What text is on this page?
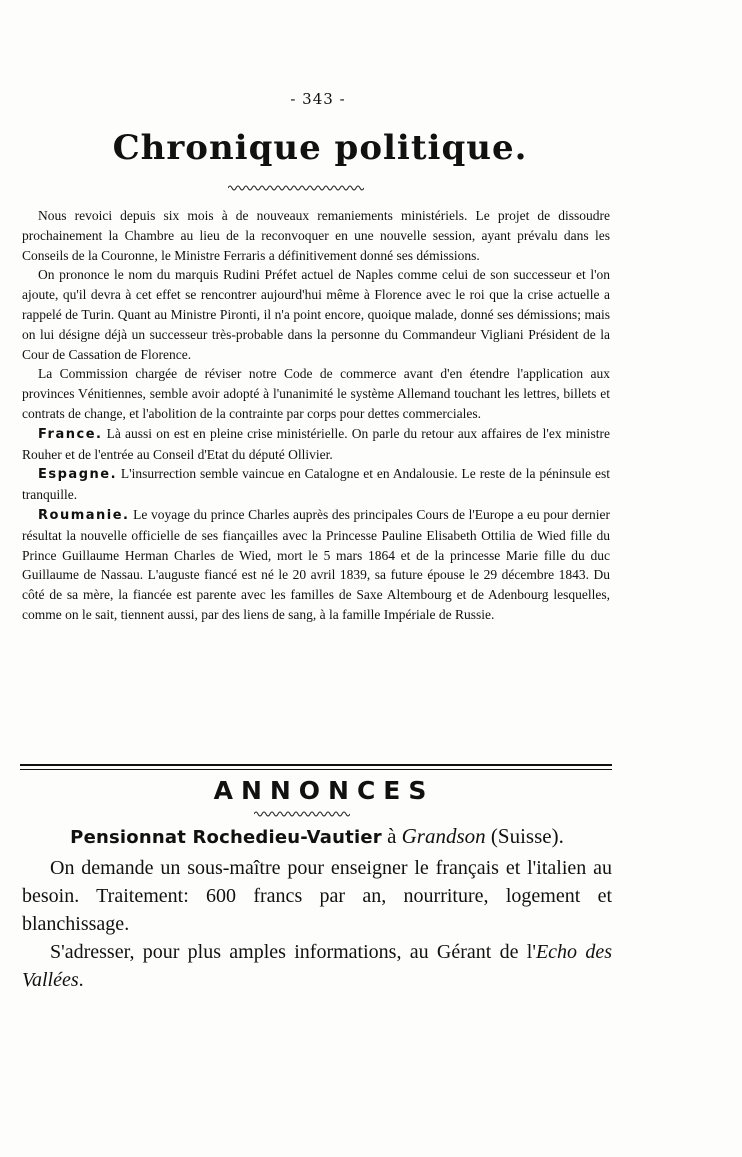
- 343 -
Chronique politique.

Nous revoici depuis six mois à de nouveaux remaniements ministériels. Le projet de dissoudre prochainement la Chambre au lieu de la reconvoquer en une nouvelle session, ayant prévalu dans les Conseils de la Couronne, le Ministre Ferraris a définitivement donné ses démissions.

On prononce le nom du marquis Rudini Préfet actuel de Naples comme celui de son successeur et l'on ajoute, qu'il devra à cet effet se rencontrer aujourd'hui même à Florence avec le roi que la crise actuelle a rappelé de Turin. Quant au Ministre Pironti, il n'a point encore, quoique malade, donné ses démissions; mais on lui désigne déjà un successeur très-probable dans la personne du Commandeur Vigliani Président de la Cour de Cassation de Florence.

La Commission chargée de réviser notre Code de commerce avant d'en étendre l'application aux provinces Vénitiennes, semble avoir adopté à l'unanimité le système Allemand touchant les lettres, billets et contrats de change, et l'abolition de la contrainte par corps pour dettes commerciales.

France. Là aussi on est en pleine crise ministérielle. On parle du retour aux affaires de l'ex ministre Rouher et de l'entrée au Conseil d'Etat du député Ollivier.

Espagne. L'insurrection semble vaincue en Catalogne et en Andalousie. Le reste de la péninsule est tranquille.

Roumanie. Le voyage du prince Charles auprès des principales Cours de l'Europe a eu pour dernier résultat la nouvelle officielle de ses fiançailles avec la Princesse Pauline Elisabeth Ottilia de Wied fille du Prince Guillaume Herman Charles de Wied, mort le 5 mars 1864 et de la princesse Marie fille du duc Guillaume de Nassau. L'auguste fiancé est né le 20 avril 1839, sa future épouse le 29 décembre 1843. Du côté de sa mère, la fiancée est parente avec les familles de Saxe Altembourg et de Adenbourg lesquelles, comme on le sait, tiennent aussi, par des liens de sang, à la famille Impériale de Russie.

ANNONCES
Pensionnat Rochedieu-Vautier à Grandson (Suisse).

On demande un sous-maître pour enseigner le français et l'italien au besoin. Traitement: 600 francs par an, nourriture, logement et blanchissage.

S'adresser, pour plus amples informations, au Gérant de l'Echo des Vallées.
